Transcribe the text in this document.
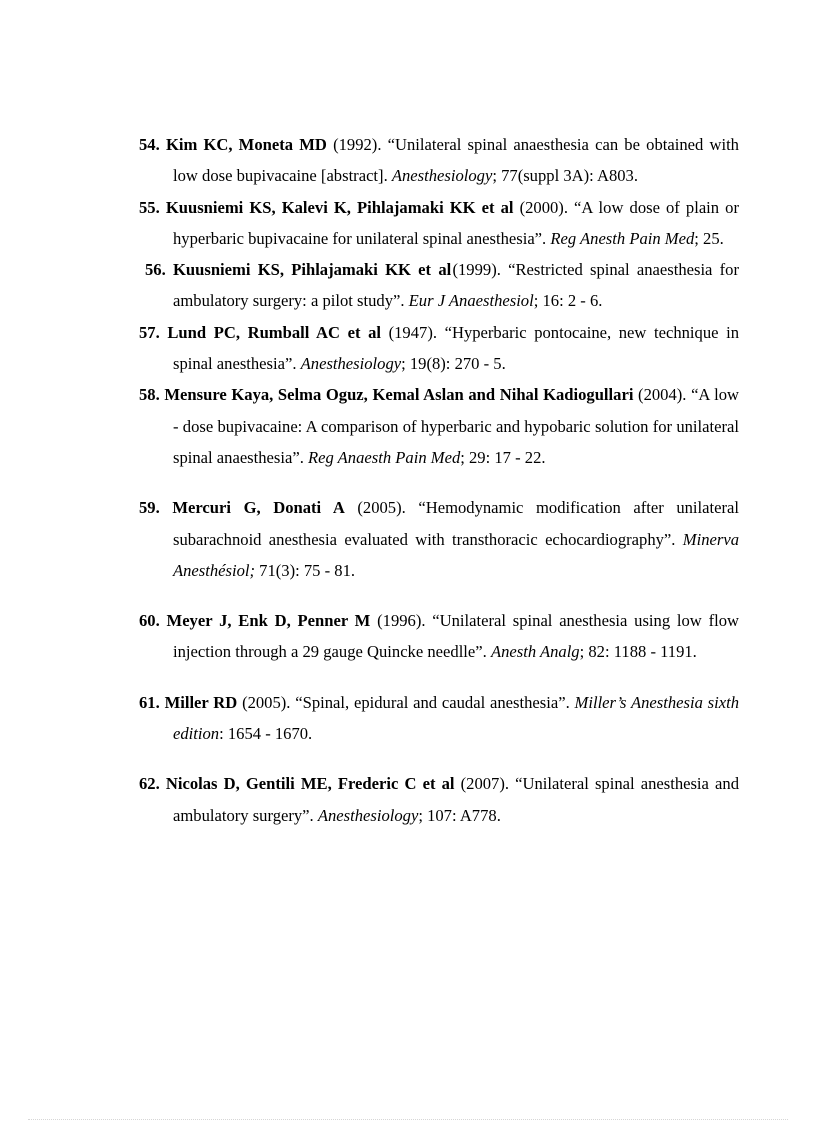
54. Kim KC, Moneta MD (1992). “Unilateral spinal anaesthesia can be obtained with low dose bupivacaine [abstract]. Anesthesiology; 77(suppl 3A): A803.

55. Kuusniemi KS, Kalevi K, Pihlajamaki KK et al (2000). “A low dose of plain or hyperbaric bupivacaine for unilateral spinal anesthesia”. Reg Anesth Pain Med; 25.

56. Kuusniemi KS, Pihlajamaki KK et al (1999). “Restricted spinal anaesthesia for ambulatory surgery: a pilot study”. Eur J Anaesthesiol; 16: 2 - 6.

57. Lund PC, Rumball AC et al (1947). “Hyperbaric pontocaine, new technique in spinal anesthesia”. Anesthesiology; 19(8): 270 - 5.

58. Mensure Kaya, Selma Oguz, Kemal Aslan and Nihal Kadiogullari (2004). “A low - dose bupivacaine: A comparison of hyperbaric and hypobaric solution for unilateral spinal anaesthesia”. Reg Anaesth Pain Med; 29: 17 - 22.

59. Mercuri G, Donati A (2005). “Hemodynamic modification after unilateral subarachnoid anesthesia evaluated with transthoracic echocardiography”. Minerva Anesthésiol; 71(3): 75 - 81.

60. Meyer J, Enk D, Penner M (1996). “Unilateral spinal anesthesia using low flow injection through a 29 gauge Quincke needlle”. Anesth Analg; 82: 1188 - 1191.

61. Miller RD (2005). “Spinal, epidural and caudal anesthesia”. Miller’s Anesthesia sixth edition: 1654 - 1670.

62. Nicolas D, Gentili ME, Frederic C et al (2007). “Unilateral spinal anesthesia and ambulatory surgery”. Anesthesiology; 107: A778.
